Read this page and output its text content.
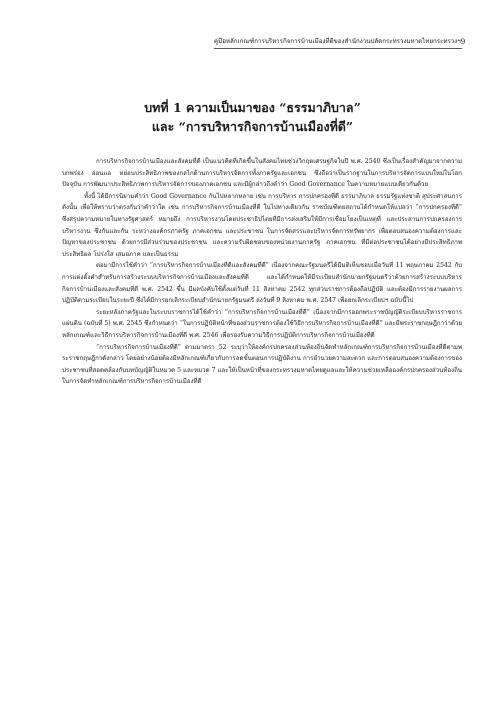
คู่มือหลักเกณฑ์การบริหารกิจการบ้านเมืองที่ดีของสำนักงานปลัดกระทรวงมหาดไทยกระทรวงฯ 9
บทที่ 1 ความเป็นมาของ “ธรรมาภิบาล”
และ “การบริหารกิจการบ้านเมืองที่ดี”

การบริหารกิจการบ้านเมืองและสังคมที่ดี เป็นแนวคิดที่เกิดขึ้นในสังคมไทยช่วงวิกฤตเศรษฐกิจในปี พ.ศ. 2540 ซึ่งเป็นเรื่องสำคัญมาจากความบกพร่อง อ่อนแอ หย่อนประสิทธิภาพของกลไกด้านการบริหารจัดการทั้งภาครัฐและเอกชน ซึ่งถือว่าเป็นรากฐานในการบริหารจัดการแบบใหม่ในโลกปัจจุบัน การพัฒนาประสิทธิภาพการบริหารจัดการของภาคเอกชน และมีผู้กล่าวถึงคำว่า Good Governance ในความหมายแบบเดียวกันด้วย

ทั้งนี้ ได้มีการนิยามคำว่า Good Governance กันไปหลากหลาย เช่น การบริหาร การปกครองที่ดี ธรรมาภิบาล ธรรมรัฐแห่งชาติ สุประศาสนการ ดังนั้น เพื่อให้ทราบว่าตรงกันว่าคำว่าใด เช่น การบริหารกิจการบ้านเมืองที่ดี ในไปทางเดียวกัน ราชบัณฑิตยสถานได้กำหนดให้แปลว่า “การปกครองที่ดี” ซึ่งสรุปความหมายในทางรัฐศาสตร์ หมายถึง การบริหารงานโดยประชาธิปไตยที่มีการส่งเสริมให้มีการเชื่อมโยงเป็นเหตุที่ และประสานการปกครองการบริหารงาน ซึ่งกันและกัน ระหว่างองค์กรภาครัฐ ภาคเอกชน และประชาชน ในการจัดสรรและบริหารจัดการทรัพยากร เพื่อตอบสนองความต้องการและปัญหาของประชาชน ด้วยการมีส่วนร่วมของประชาชน และความรับผิดชอบของหน่วยงานภาครัฐ ภาคเอกชน ที่มีต่อประชาชนได้อย่างมีประสิทธิภาพ ประสิทธิผล โปร่งใส เสมอภาค และเป็นธรรม

ต่อมามีการใช้คำว่า “การบริหารกิจการบ้านเมืองที่ดีและสังคมที่ดี” เนื่องจากคณะรัฐมนตรีได้มีมติเห็นชอบเมื่อวันที่ 11 พฤษภาคม 2542 กับการแต่งตั้งคำสำหรับการสร้างระบบบริหารกิจการบ้านเมืองและสังคมที่ดี และได้กำหนดให้มีระเบียบสำนักนายกรัฐมนตรีว่าด้วยการสร้างระบบบริหารกิจการบ้านเมืองและสังคมที่ดี พ.ศ. 2542 ขึ้น มีผลบังคับใช้ตั้งแต่วันที่ 11 สิงหาคม 2542 ทุกส่วนราชการต้องถือปฏิบัติ และต้องมีการรายงานผลการปฏิบัติตามระเบียบในระยะปี ซึ่งได้มีการยกเลิกระเบียบสำนักนายกรัฐมนตรี ลงวันที่ 9 สิงหาคม พ.ศ. 2547 เพื่อยกเลิกระเบียบฯ ฉบับนี้ไป

ระยะหลังภาครัฐและในระบบราชการได้ใช้คำว่า “การบริหารกิจการบ้านเมืองที่ดี” เนื่องจากมีการออกพระราชบัญญัติระเบียบบริหารราชการแผ่นดิน (ฉบับที่ 5) พ.ศ. 2545 ซึ่งกำหนดว่า “ในการปฏิบัติหน้าที่ของส่วนราชการต้องใช้วิธีการบริหารกิจการบ้านเมืองที่ดี” และมีพระราชกฤษฎีกาว่าด้วยหลักเกณฑ์และวิธีการบริหารกิจการบ้านเมืองที่ดี พ.ศ. 2546 เพื่อรองรับความวิธีการปฏิบัติการบริหารกิจการบ้านเมืองที่ดี

“การบริหารกิจการบ้านเมืองที่ดี” ตามมาตรา 52 ระบุว่าให้องค์กรปกครองส่วนท้องถิ่นจัดทำหลักเกณฑ์การบริหารกิจการบ้านเมืองที่ดีตามพระราชกฤษฎีกาดังกล่าว โดยอย่างน้อยต้องมีหลักเกณฑ์เกี่ยวกับการลดขั้นตอนการปฏิบัติงาน การอำนวยความสะดวก และการตอบสนองความต้องการของประชาชนที่สอดคล้องกับบทบัญญัติในหมวด 5 และหมวด 7 และให้เป็นหน้าที่ของกระทรวงมหาดไทยดูแลและให้ความช่วยเหลือองค์กรปกครองส่วนท้องถิ่นในการจัดทำหลักเกณฑ์การบริหารกิจการบ้านเมืองที่ดี
